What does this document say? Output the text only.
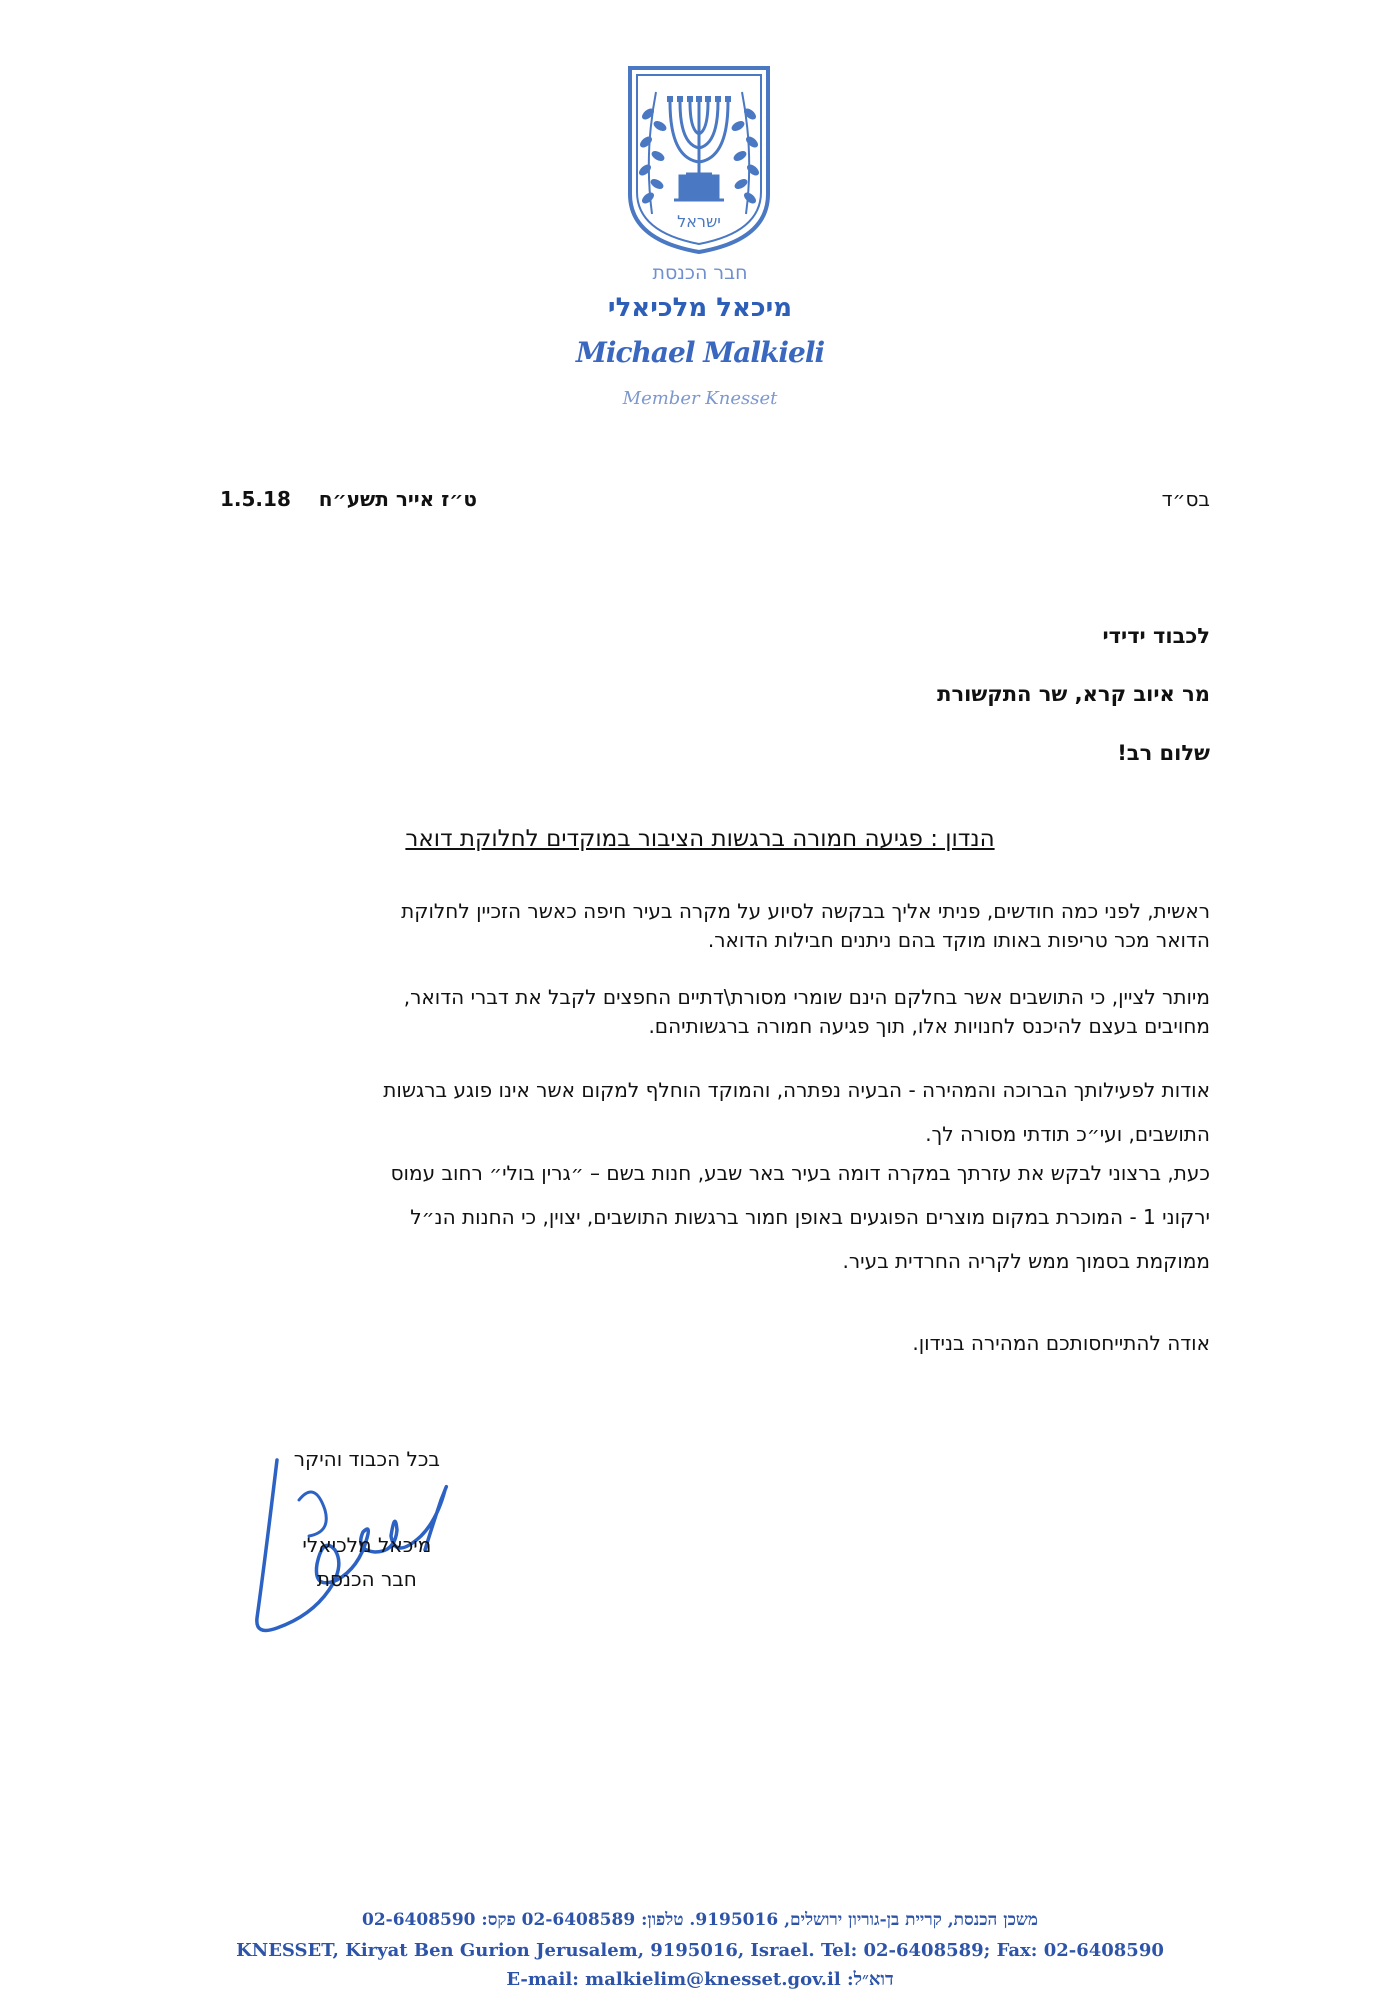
ישראל
חבר הכנסת
מיכאל מלכיאלי
Michael Malkieli
Member Knesset
בס״ד
1.5.18 ט״ז אייר תשע״ח
לכבוד ידידי
מר איוב קרא, שר התקשורת
שלום רב!
הנדון : פגיעה חמורה ברגשות הציבור במוקדים לחלוקת דואר
ראשית, לפני כמה חודשים, פניתי אליך בבקשה לסיוע על מקרה בעיר חיפה כאשר הזכיין לחלוקת
הדואר מכר טריפות באותו מוקד בהם ניתנים חבילות הדואר.
מיותר לציין, כי התושבים אשר בחלקם הינם שומרי מסורת\דתיים החפצים לקבל את דברי הדואר,
מחויבים בעצם להיכנס לחנויות אלו, תוך פגיעה חמורה ברגשותיהם.
אודות לפעילותך הברוכה והמהירה - הבעיה נפתרה, והמוקד הוחלף למקום אשר אינו פוגע ברגשות
התושבים, ועי״כ תודתי מסורה לך.
כעת, ברצוני לבקש את עזרתך במקרה דומה בעיר באר שבע, חנות בשם – ״גרין בולי״ רחוב עמוס
ירקוני 1 - המוכרת במקום מוצרים הפוגעים באופן חמור ברגשות התושבים, יצוין, כי החנות הנ״ל
ממוקמת בסמוך ממש לקריה החרדית בעיר.
אודה להתייחסותכם המהירה בנידון.
בכל הכבוד והיקר
מיכאל מלכיאלי
חבר הכנסת
משכן הכנסת, קריית בן-גוריון ירושלים, 9195016. טלפון: 02-6408589 פקס: 02-6408590
KNESSET, Kiryat Ben Gurion Jerusalem, 9195016, Israel. Tel: 02-6408589; Fax: 02-6408590
E-mail: malkielim@knesset.gov.il :דוא״ל
